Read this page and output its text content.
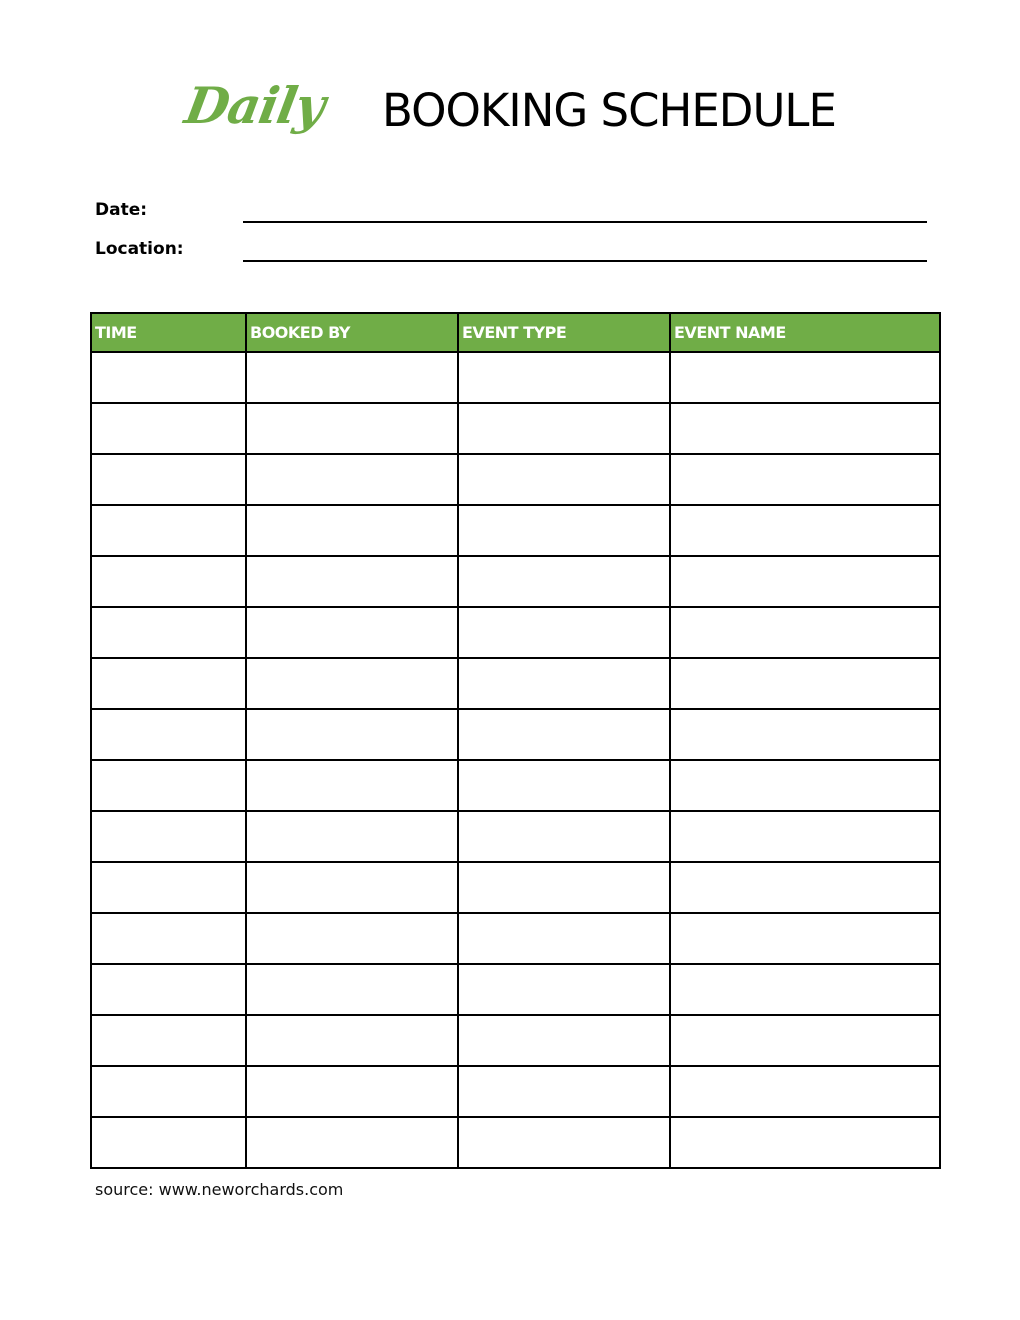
Daily BOOKING SCHEDULE
Date:
Location:
TIME	BOOKED BY	EVENT TYPE	EVENT NAME

source: www.neworchards.com
